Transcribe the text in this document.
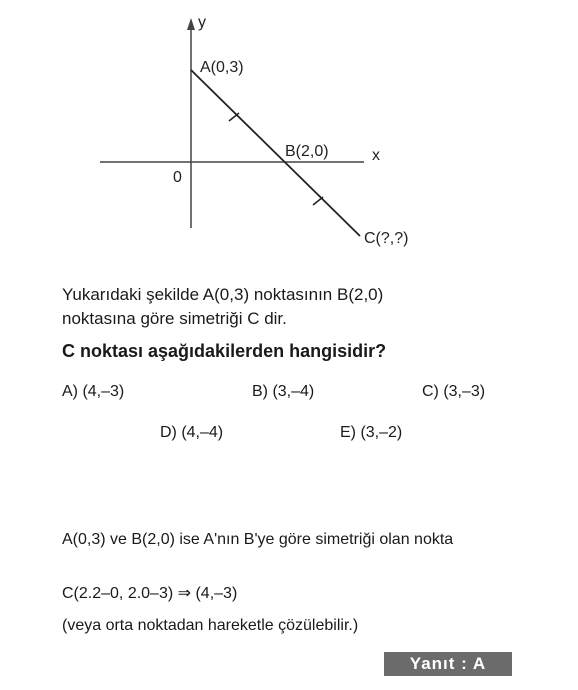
y
x
0
A(0,3)
B(2,0)
C(?,?)
Yukarıdaki şekilde A(0,3) noktasının B(2,0)
noktasına göre simetriği C dir.
C noktası aşağıdakilerden hangisidir?
A) (4,–3)	B) (3,–4)	C) (3,–3)
D) (4,–4)	E) (3,–2)
A(0,3) ve B(2,0) ise A'nın B'ye göre simetriği olan nokta
C(2.2–0, 2.0–3) ⇒ (4,–3)
(veya orta noktadan hareketle çözülebilir.)
Yanıt : A
